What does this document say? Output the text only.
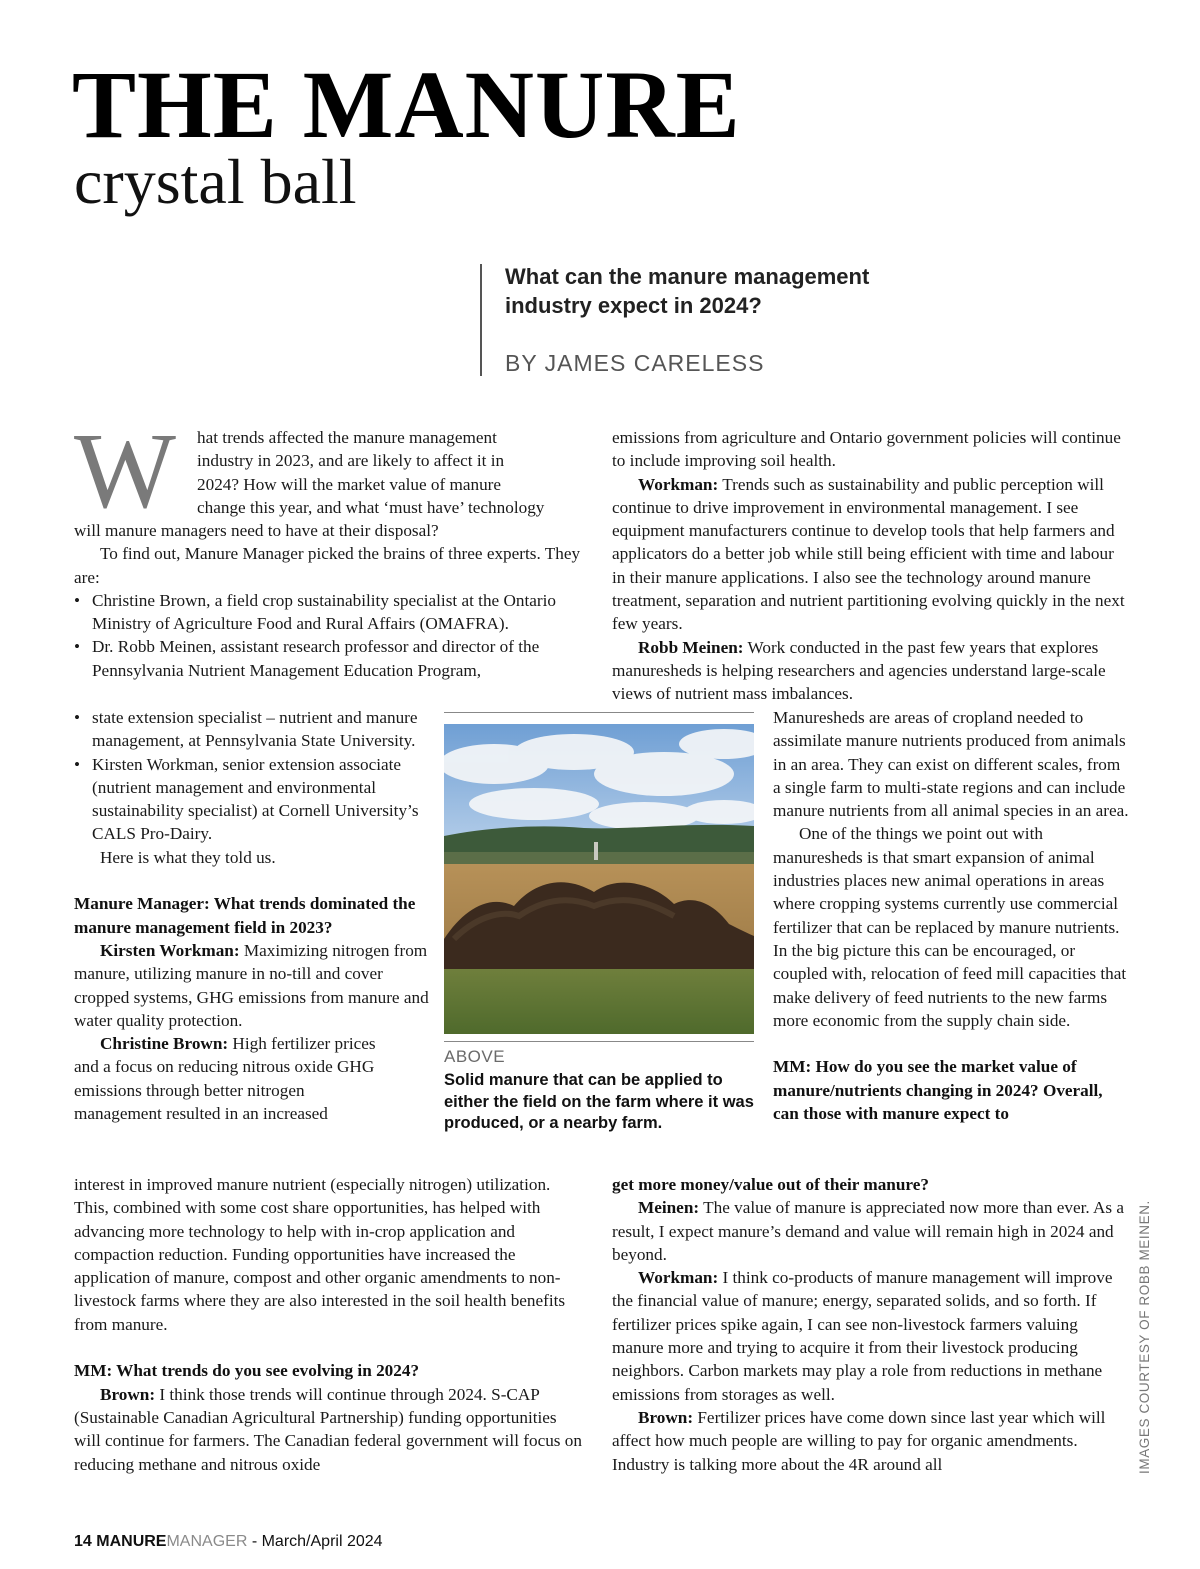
THE MANURE
crystal ball
What can the manure management industry expect in 2024?
BY JAMES CARELESS
W hat trends affected the manure management
industry in 2023, and are likely to affect it in
2024? How will the market value of manure
change this year, and what ‘must have’ technology

will manure managers need to have at their disposal?

To find out, Manure Manager picked the brains of three experts. They are:

• Christine Brown, a field crop sustainability specialist at the Ontario Ministry of Agriculture Food and Rural Affairs (OMAFRA).
• Dr. Robb Meinen, assistant research professor and director of the Pennsylvania Nutrient Management Education Program,
• state extension specialist – nutrient and manure management, at Pennsylvania State University.
• Kirsten Workman, senior extension associate (nutrient management and environmental sustainability specialist) at Cornell University’s CALS Pro-Dairy.

Here is what they told us.

Manure Manager: What trends dominated the manure management field in 2023?

Kirsten Workman: Maximizing nitrogen from manure, utilizing manure in no-till and cover cropped systems, GHG emissions from manure and water quality protection.

Christine Brown: High fertilizer prices and a focus on reducing nitrous oxide GHG emissions through better nitrogen management resulted in an increased

interest in improved manure nutrient (especially nitrogen) utilization. This, combined with some cost share opportunities, has helped with advancing more technology to help with in-crop application and compaction reduction. Funding opportunities have increased the application of manure, compost and other organic amendments to non-livestock farms where they are also interested in the soil health benefits from manure.

MM: What trends do you see evolving in 2024?

Brown: I think those trends will continue through 2024. S-CAP (Sustainable Canadian Agricultural Partnership) funding opportunities will continue for farmers. The Canadian federal government will focus on reducing methane and nitrous oxide

emissions from agriculture and Ontario government policies will continue to include improving soil health.

Workman: Trends such as sustainability and public perception will continue to drive improvement in environmental management. I see equipment manufacturers continue to develop tools that help farmers and applicators do a better job while still being efficient with time and labour in their manure applications. I also see the technology around manure treatment, separation and nutrient partitioning evolving quickly in the next few years.

Robb Meinen: Work conducted in the past few years that explores manuresheds is helping researchers and agencies understand large-scale views of nutrient mass imbalances.

Manuresheds are areas of cropland needed to assimilate manure nutrients produced from animals in an area. They can exist on different scales, from a single farm to multi-state regions and can include manure nutrients from all animal species in an area.

One of the things we point out with manuresheds is that smart expansion of animal industries places new animal operations in areas where cropping systems currently use commercial fertilizer that can be replaced by manure nutrients. In the big picture this can be encouraged, or coupled with, relocation of feed mill capacities that make delivery of feed nutrients to the new farms more economic from the supply chain side.

MM: How do you see the market value of manure/nutrients changing in 2024? Overall, can those with manure expect to
get more money/value out of their manure?

Meinen: The value of manure is appreciated now more than ever. As a result, I expect manure’s demand and value will remain high in 2024 and beyond.

Workman: I think co-products of manure management will improve the financial value of manure; energy, separated solids, and so forth. If fertilizer prices spike again, I can see non-livestock farmers valuing manure more and trying to acquire it from their livestock producing neighbors. Carbon markets may play a role from reductions in methane emissions from storages as well.

Brown: Fertilizer prices have come down since last year which will affect how much people are willing to pay for organic amendments. Industry is talking more about the 4R around all

ABOVE
Solid manure that can be applied to either the field on the farm where it was produced, or a nearby farm.
IMAGES COURTESY OF ROBB MEINEN.
14 MANUREMANAGER - March/April 2024
